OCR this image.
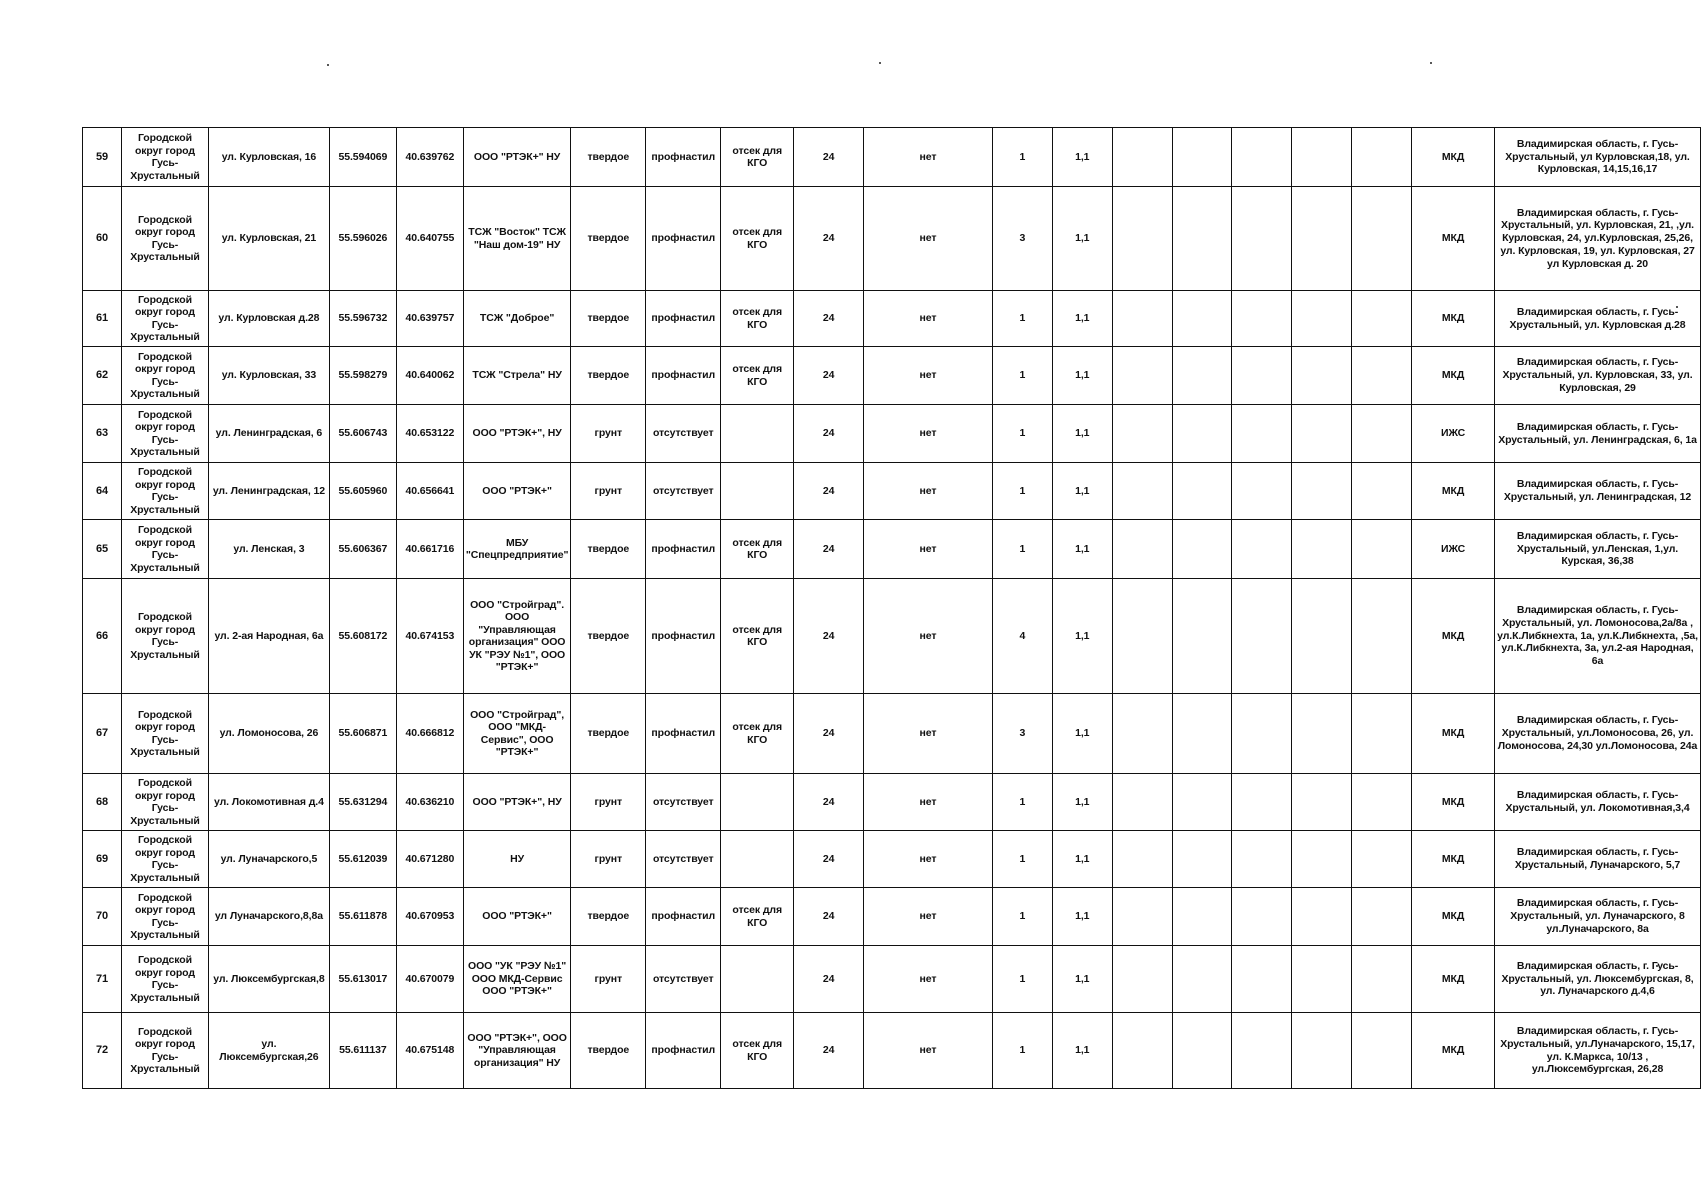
59	Городской округ город Гусь-Хрустальный	ул. Курловская, 16	55.594069	40.639762	ООО "РТЭК+" НУ	твердое	профнастил	отсек для КГО	24	нет	1	1,1						МКД	Владимирская область, г. Гусь-Хрустальный, ул Курловская,18, ул. Курловская, 14,15,16,17
60	Городской округ город Гусь-Хрустальный	ул. Курловская, 21	55.596026	40.640755	ТСЖ "Восток" ТСЖ "Наш дом-19" НУ	твердое	профнастил	отсек для КГО	24	нет	3	1,1						МКД	Владимирская область, г. Гусь-Хрустальный, ул. Курловская, 21, ,ул. Курловская, 24, ул.Курловская, 25,26, ул. Курловская, 19, ул. Курловская, 27 ул Курловская д. 20
61	Городской округ город Гусь-Хрустальный	ул. Курловская д.28	55.596732	40.639757	ТСЖ "Доброе"	твердое	профнастил	отсек для КГО	24	нет	1	1,1						МКД	Владимирская область, г. Гусь-Хрустальный, ул. Курловская д.28
62	Городской округ город Гусь-Хрустальный	ул. Курловская, 33	55.598279	40.640062	ТСЖ "Стрела" НУ	твердое	профнастил	отсек для КГО	24	нет	1	1,1						МКД	Владимирская область, г. Гусь-Хрустальный, ул. Курловская, 33, ул. Курловская, 29
63	Городской округ город Гусь-Хрустальный	ул. Ленинградская, 6	55.606743	40.653122	ООО "РТЭК+", НУ	грунт	отсутствует		24	нет	1	1,1						ИЖС	Владимирская область, г. Гусь-Хрустальный, ул. Ленинградская, 6, 1а
64	Городской округ город Гусь-Хрустальный	ул. Ленинградская, 12	55.605960	40.656641	ООО "РТЭК+"	грунт	отсутствует		24	нет	1	1,1						МКД	Владимирская область, г. Гусь-Хрустальный, ул. Ленинградская, 12
65	Городской округ город Гусь-Хрустальный	ул. Ленская, 3	55.606367	40.661716	МБУ "Спецпредприятие"	твердое	профнастил	отсек для КГО	24	нет	1	1,1						ИЖС	Владимирская область, г. Гусь-Хрустальный, ул.Ленская, 1,ул. Курская, 36,38
66	Городской округ город Гусь-Хрустальный	ул. 2-ая Народная, 6а	55.608172	40.674153	ООО "Стройград". ООО "Управляющая организация" ООО УК "РЭУ №1", ООО "РТЭК+"	твердое	профнастил	отсек для КГО	24	нет	4	1,1						МКД	Владимирская область, г. Гусь-Хрустальный, ул. Ломоносова,2а/8а , ул.К.Либкнехта, 1а, ул.К.Либкнехта, ,5а, ул.К.Либкнехта, 3а, ул.2-ая Народная, 6а
67	Городской округ город Гусь-Хрустальный	ул. Ломоносова, 26	55.606871	40.666812	ООО "Стройград", ООО "МКД-Сервис", ООО "РТЭК+"	твердое	профнастил	отсек для КГО	24	нет	3	1,1						МКД	Владимирская область, г. Гусь-Хрустальный, ул.Ломоносова, 26, ул. Ломоносова, 24,30 ул.Ломоносова, 24а
68	Городской округ город Гусь-Хрустальный	ул. Локомотивная д.4	55.631294	40.636210	ООО "РТЭК+", НУ	грунт	отсутствует		24	нет	1	1,1						МКД	Владимирская область, г. Гусь-Хрустальный, ул. Локомотивная,3,4
69	Городской округ город Гусь-Хрустальный	ул. Луначарского,5	55.612039	40.671280	НУ	грунт	отсутствует		24	нет	1	1,1						МКД	Владимирская область, г. Гусь-Хрустальный, Луначарского, 5,7
70	Городской округ город Гусь-Хрустальный	ул Луначарского,8,8а	55.611878	40.670953	ООО "РТЭК+"	твердое	профнастил	отсек для КГО	24	нет	1	1,1						МКД	Владимирская область, г. Гусь-Хрустальный, ул. Луначарского, 8 ул.Луначарского, 8а
71	Городской округ город Гусь-Хрустальный	ул. Люксембургская,8	55.613017	40.670079	ООО "УК "РЭУ №1" ООО МКД-Сервис ООО "РТЭК+"	грунт	отсутствует		24	нет	1	1,1						МКД	Владимирская область, г. Гусь-Хрустальный, ул. Люксембургская, 8, ул. Луначарского д.4,6
72	Городской округ город Гусь-Хрустальный	ул. Люксембургская,26	55.611137	40.675148	ООО "РТЭК+", ООО "Управляющая организация" НУ	твердое	профнастил	отсек для КГО	24	нет	1	1,1						МКД	Владимирская область, г. Гусь-Хрустальный, ул.Луначарского, 15,17, ул. К.Маркса, 10/13 , ул.Люксембургская, 26,28
